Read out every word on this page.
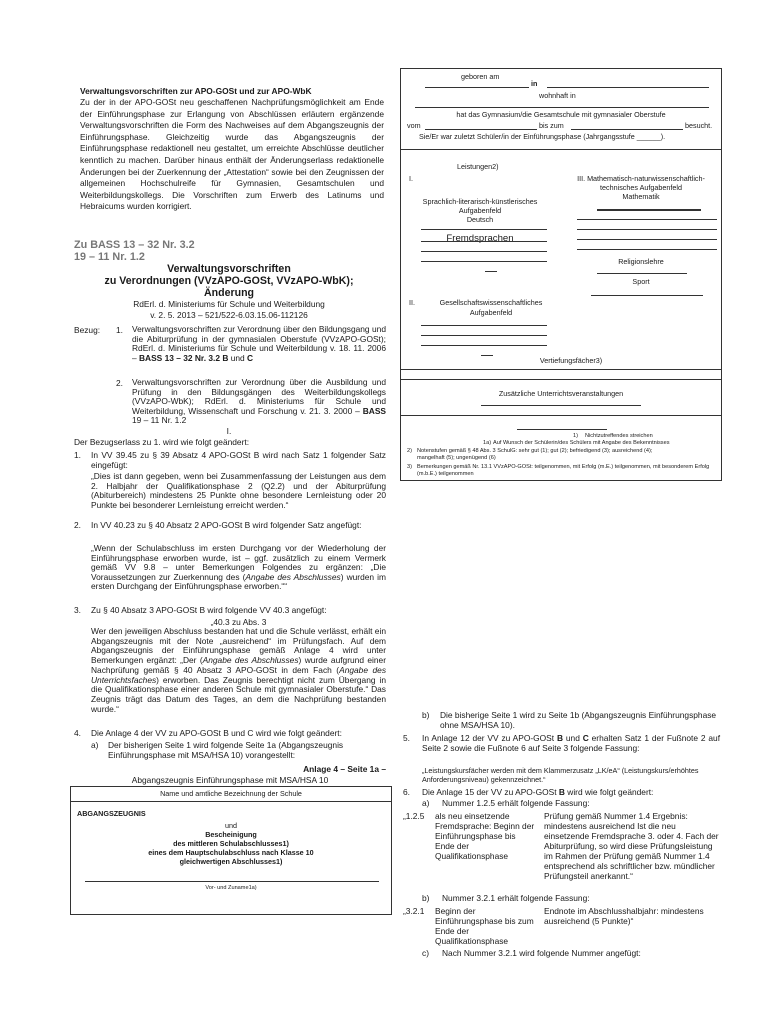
Verwaltungsvorschriften zur APO-GOSt und zur APO-WbK
Zu der in der APO-GOSt neu geschaffenen Nachprüfungsmöglichkeit am Ende der Einführungsphase zur Erlangung von Abschlüssen erläutern ergänzende Verwaltungsvorschriften die Form des Nachweises auf dem Abgangszeugnis der Einführungsphase. Gleichzeitig wurde das Abgangszeugnis der Einführungsphase redaktionell neu gestaltet, um erreichte Abschlüsse deutlicher kenntlich zu machen. Darüber hinaus enthält der Änderungserlass redaktionelle Änderungen bei der Zuerkennung der „Attestation“ sowie bei den Zeugnissen der allgemeinen Hochschulreife für Gymnasien, Gesamtschulen und Weiterbildungskollegs. Die Vorschriften zum Erwerb des Latinums und Hebraicums wurden korrigiert.
Zu BASS 13 – 32 Nr. 3.2
19 – 11 Nr. 1.2
Verwaltungsvorschriften
zu Verordnungen (VVzAPO-GOSt, VVzAPO-WbK);
Änderung
RdErl. d. Ministeriums für Schule und Weiterbildung
v. 2. 5. 2013 – 521/522-6.03.15.06-112126
Bezug: 1. Verwaltungsvorschriften zur Verordnung über den Bildungsgang und die Abiturprüfung in der gymnasialen Oberstufe (VVzAPO-GOSt); RdErl. d. Ministeriums für Schule und Weiterbildung v. 18. 11. 2006 – BASS 13 – 32 Nr. 3.2 B und C
2. Verwaltungsvorschriften zur Verordnung über die Ausbildung und Prüfung in den Bildungsgängen des Weiterbildungskollegs (VVzAPO-WbK); RdErl. d. Ministeriums für Schule und Weiterbildung, Wissenschaft und Forschung v. 21. 3. 2000 – BASS 19 – 11 Nr. 1.2
I.
Der Bezugserlass zu 1. wird wie folgt geändert:
1. In VV 39.45 zu § 39 Absatz 4 APO-GOSt B wird nach Satz 1 folgender Satz eingefügt:
„Dies ist dann gegeben, wenn bei Zusammenfassung der Leistungen aus dem 2. Halbjahr der Qualifikationsphase 2 (Q2.2) und der Abiturprüfung (Abiturbereich) mindestens 25 Punkte ohne besondere Lernleistung oder 20 Punkte bei besonderer Lernleistung erreicht werden.“
2. In VV 40.23 zu § 40 Absatz 2 APO-GOSt B wird folgender Satz angefügt:
„Wenn der Schulabschluss im ersten Durchgang vor der Wiederholung der Einführungsphase erworben wurde, ist – ggf. zusätzlich zu einem Vermerk gemäß VV 9.8 – unter Bemerkungen Folgendes zu ergänzen: „Die Voraussetzungen zur Zuerkennung des (Angabe des Abschlusses) wurden im ersten Durchgang der Einführungsphase erworben.““
3. Zu § 40 Absatz 3 APO-GOSt B wird folgende VV 40.3 angefügt:
„40.3 zu Abs. 3
Wer den jeweiligen Abschluss bestanden hat und die Schule verlässt, erhält ein Abgangszeugnis mit der Note „ausreichend“ im Prüfungsfach. Auf dem Abgangszeugnis der Einführungsphase gemäß Anlage 4 wird unter Bemerkungen ergänzt: „Der (Angabe des Abschlusses) wurde aufgrund einer Nachprüfung gemäß § 40 Absatz 3 APO-GOSt in dem Fach (Angabe des Unterrichtsfaches) erworben. Das Zeugnis berechtigt nicht zum Übergang in die Qualifikationsphase einer anderen Schule mit gymnasialer Oberstufe.“ Das Zeugnis trägt das Datum des Tages, an dem die Nachprüfung bestanden wurde.“
4. Die Anlage 4 der VV zu APO-GOSt B und C wird wie folgt geändert:
a) Der bisherigen Seite 1 wird folgende Seite 1a (Abgangszeugnis Einführungsphase mit MSA/HSA 10) vorangestellt:
Anlage 4 – Seite 1a –
Abgangszeugnis Einführungsphase mit MSA/HSA 10
Name und amtliche Bezeichnung der Schule
ABGANGSZEUGNIS
und
Bescheinigung
des mittleren Schulabschlusses1)
eines dem Hauptschulabschluss nach Klasse 10
gleichwertigen Abschlusses1)
Vor- und Zuname1a)
geboren am
in
wohnhaft in
hat das Gymnasium/die Gesamtschule mit gymnasialer Oberstufe
vom	bis zum	besucht.
Sie/Er war zuletzt Schüler/in der Einführungsphase (Jahrgangsstufe ______).
Leistungen2)
I.
Sprachlich-literarisch-künstlerisches
Aufgabenfeld
Deutsch
Fremdsprachen
III. Mathematisch-naturwissenschaftlich-
technisches Aufgabenfeld
Mathematik
Religionslehre
Sport
II.	Gesellschaftswissenschaftliches
Aufgabenfeld
Vertiefungsfächer3)
Zusätzliche Unterrichtsveranstaltungen
1) Nichtzutreffendes streichen
1a) Auf Wunsch der Schülerin/des Schülers mit Angabe des Bekenntnisses
2) Notenstufen gemäß § 48 Abs. 3 SchulG: sehr gut (1); gut (2); befriedigend (3); ausreichend (4); mangelhaft (5); ungenügend (6)
3) Bemerkungen gemäß Nr. 13.1 VVzAPO-GOSt: teilgenommen, mit Erfolg (m.E.) teilgenommen, mit besonderem Erfolg (m.b.E.) teilgenommen
b) Die bisherige Seite 1 wird zu Seite 1b (Abgangszeugnis Einführungsphase ohne MSA/HSA 10).
5. In Anlage 12 der VV zu APO-GOSt B und C erhalten Satz 1 der Fußnote 2 auf Seite 2 sowie die Fußnote 6 auf Seite 3 folgende Fassung:
„Leistungskursfächer werden mit dem Klammerzusatz „LK/eA“ (Leistungskurs/erhöhtes Anforderungsniveau) gekennzeichnet.“
6. Die Anlage 15 der VV zu APO-GOSt B wird wie folgt geändert:
a) Nummer 1.2.5 erhält folgende Fassung:
„1.2.5 als neu einsetzende Fremdsprache: Beginn der Einführungsphase bis Ende der Qualifikationsphase
Prüfung gemäß Nummer 1.4 Ergebnis: mindestens ausreichend Ist die neu einsetzende Fremdsprache 3. oder 4. Fach der Abiturprüfung, so wird diese Prüfungsleistung im Rahmen der Prüfung gemäß Nummer 1.4 entsprechend als schriftlicher bzw. mündlicher Prüfungsteil anerkannt.“
b) Nummer 3.2.1 erhält folgende Fassung:
„3.2.1 Beginn der Einführungsphase bis zum Ende der Qualifikationsphase
Endnote im Abschlusshalbjahr: mindestens ausreichend (5 Punkte)“
c) Nach Nummer 3.2.1 wird folgende Nummer angefügt:
